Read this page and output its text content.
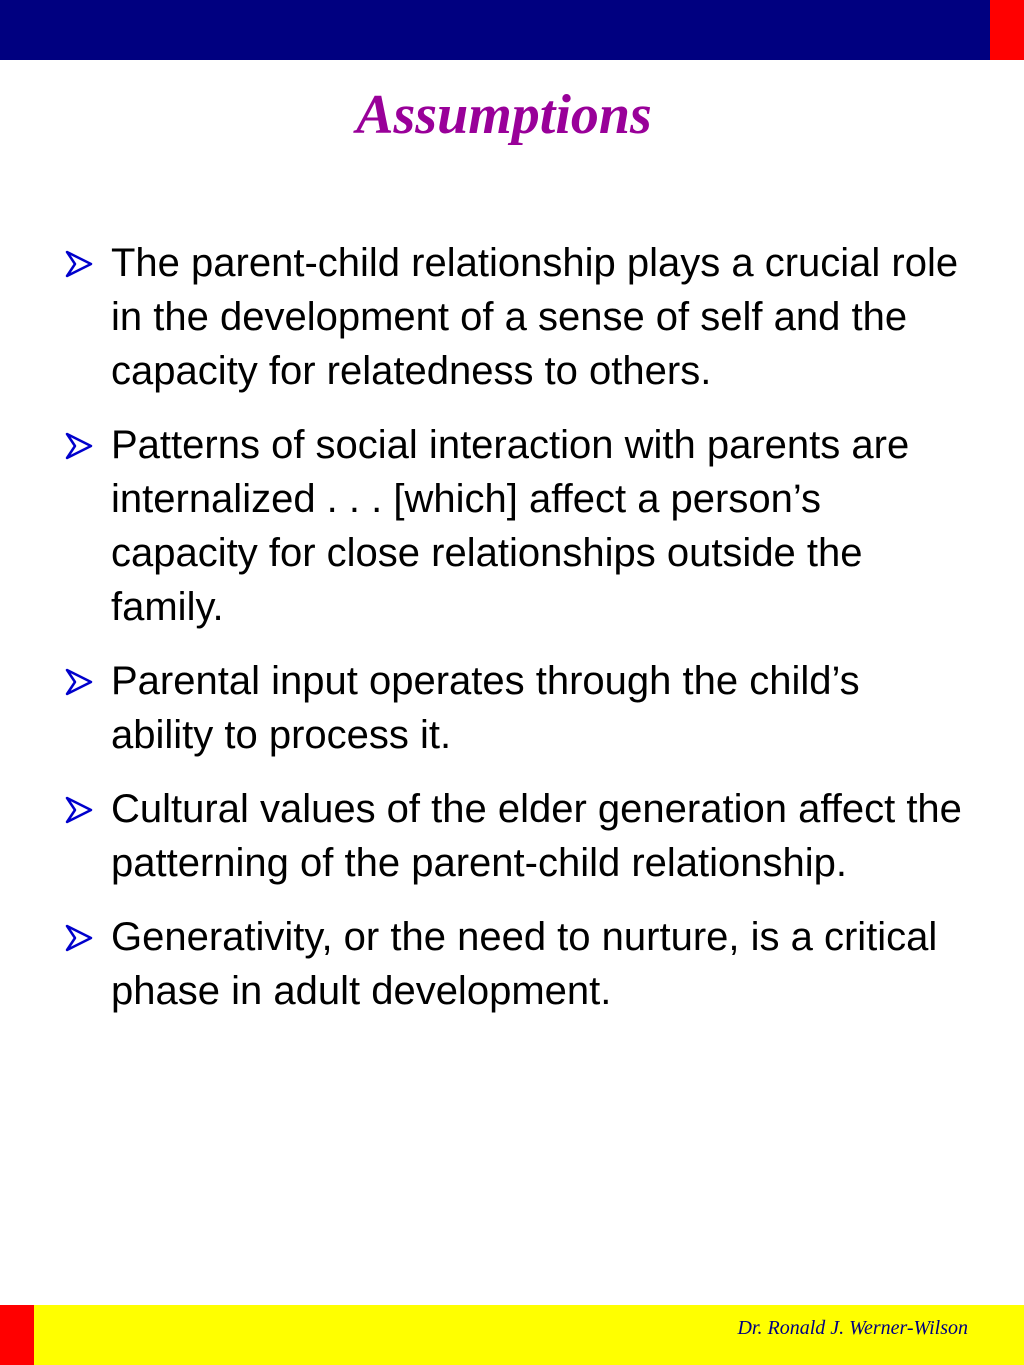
Assumptions
The parent-child relationship plays a crucial role in the development of a sense of self and the capacity for relatedness to others.
Patterns of social interaction with parents are internalized . . . [which] affect a person’s capacity for close relationships outside the family.
Parental input operates through the child’s ability to process it.
Cultural values of the elder generation affect the patterning of the parent-child relationship.
Generativity, or the need to nurture, is a critical phase in adult development.
Dr. Ronald J. Werner-Wilson
